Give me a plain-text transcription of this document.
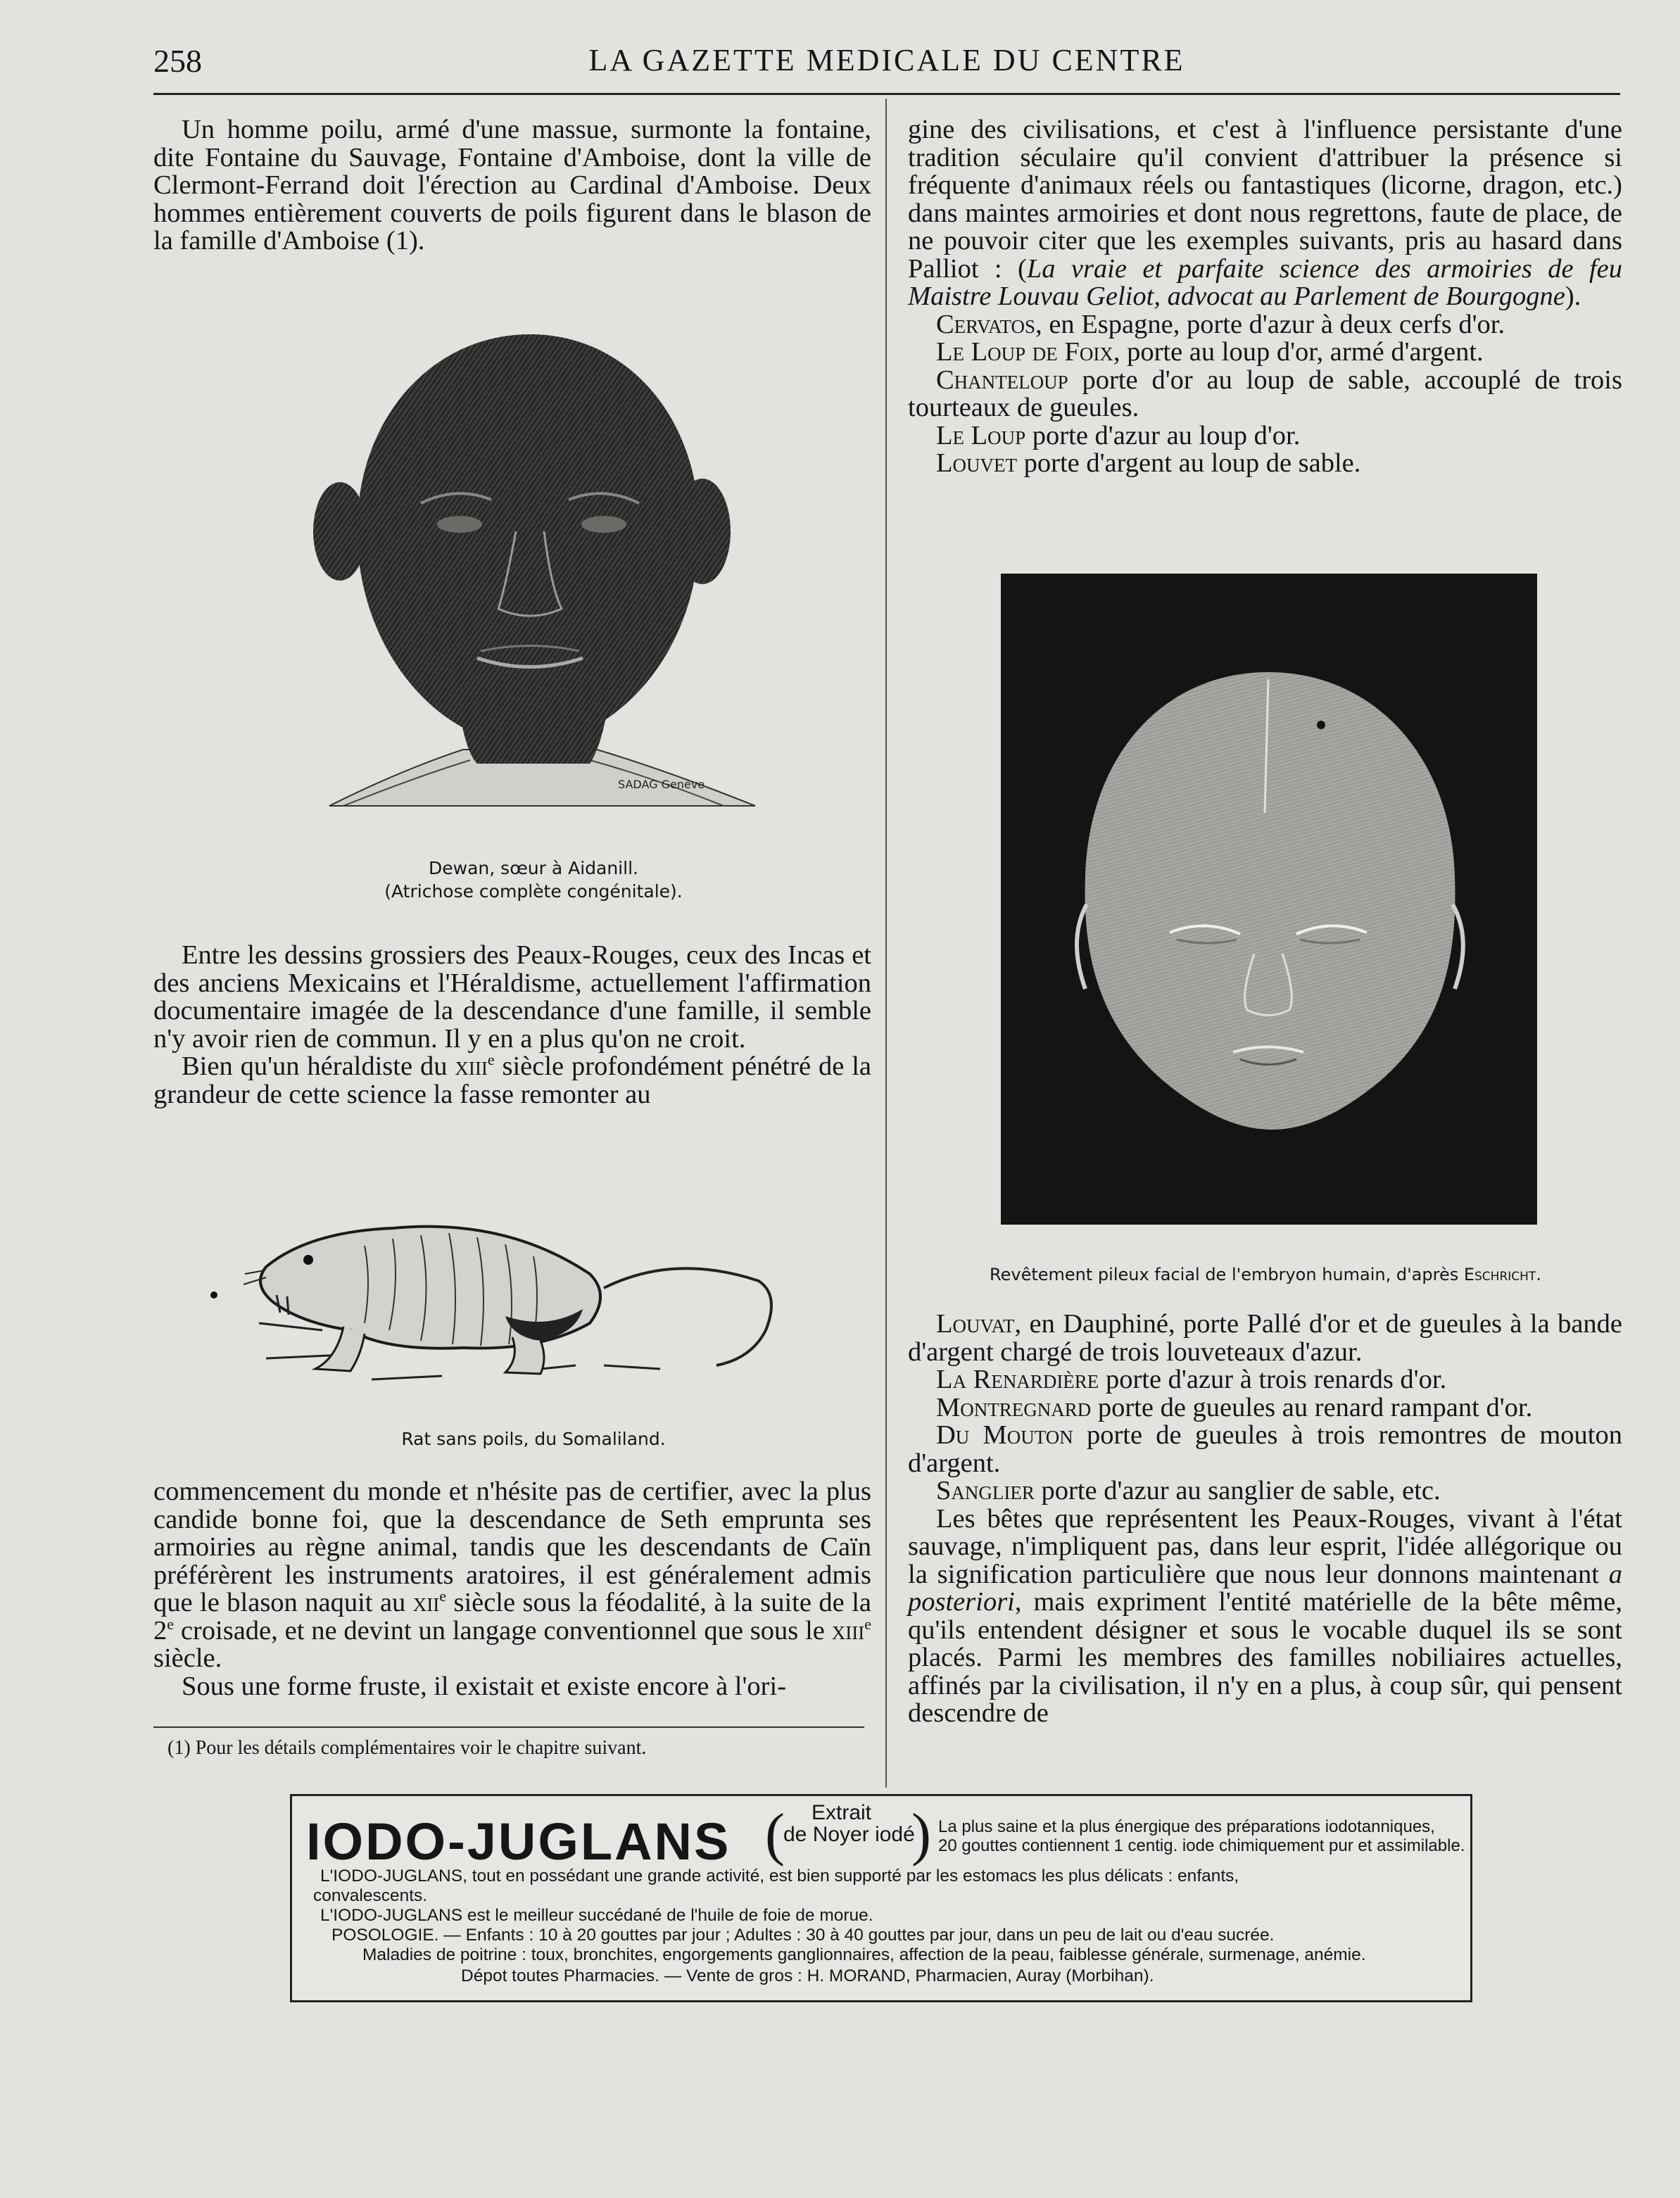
258	LA GAZETTE MEDICALE DU CENTRE

Un homme poilu, armé d'une massue, surmonte la fontaine, dite Fontaine du Sauvage, Fontaine d'Amboise, dont la ville de Clermont-Ferrand doit l'érection au Cardinal d'Amboise. Deux hommes entièrement couverts de poils figurent dans le blason de la famille d'Amboise (1).

SADAG Genève
Dewan, sœur à Aidanill.
(Atrichose complète congénitale).

Entre les dessins grossiers des Peaux-Rouges, ceux des Incas et des anciens Mexicains et l'Héraldisme, actuellement l'affirmation documentaire imagée de la descendance d'une famille, il semble n'y avoir rien de commun. Il y en a plus qu'on ne croit.

Bien qu'un héraldiste du xiii$^e$ siècle profondément pénétré de la grandeur de cette science la fasse remonter au

Rat sans poils, du Somaliland.

commencement du monde et n'hésite pas de certifier, avec la plus candide bonne foi, que la descendance de Seth emprunta ses armoiries au règne animal, tandis que les descendants de Caïn préférèrent les instruments aratoires, il est généralement admis que le blason naquit au xii$^e$ siècle sous la féodalité, à la suite de la 2e croisade, et ne devint un langage conventionnel que sous le xiii$^e$ siècle.

Sous une forme fruste, il existait et existe encore à l'ori-

(1) Pour les détails complémentaires voir le chapitre suivant.

gine des civilisations, et c'est à l'influence persistante d'une tradition séculaire qu'il convient d'attribuer la présence si fréquente d'animaux réels ou fantastiques (licorne, dragon, etc.) dans maintes armoiries et dont nous regrettons, faute de place, de ne pouvoir citer que les exemples suivants, pris au hasard dans Palliot : (La vraie et parfaite science des armoiries de feu Maistre Louvau Geliot, advocat au Parlement de Bourgogne).

Cervatos, en Espagne, porte d'azur à deux cerfs d'or.

Le Loup de Foix, porte au loup d'or, armé d'argent.

Chanteloup porte d'or au loup de sable, accouplé de trois tourteaux de gueules.

Le Loup porte d'azur au loup d'or.

Louvet porte d'argent au loup de sable.

Revêtement pileux facial de l'embryon humain, d'après Eschricht.

Louvat, en Dauphiné, porte Pallé d'or et de gueules à la bande d'argent chargé de trois louveteaux d'azur.

La Renardière porte d'azur à trois renards d'or.

Montregnard porte de gueules au renard rampant d'or.

Du Mouton porte de gueules à trois remontres de mouton d'argent.

Sanglier porte d'azur au sanglier de sable, etc.

Les bêtes que représentent les Peaux-Rouges, vivant à l'état sauvage, n'impliquent pas, dans leur esprit, l'idée allégorique ou la signification particulière que nous leur donnons maintenant a posteriori, mais expriment l'entité matérielle de la bête même, qu'ils entendent désigner et sous le vocable duquel ils se sont placés. Parmi les membres des familles nobiliaires actuelles, affinés par la civilisation, il n'y en a plus, à coup sûr, qui pensent descendre de

IODO-JUGLANS (	Extrait
de Noyer iodé
) La plus saine et la plus énergique des préparations iodotanniques,
20 gouttes contiennent 1 centig. iode chimiquement pur et assimilable.
L'IODO-JUGLANS, tout en possédant une grande activité, est bien supporté par les estomacs les plus délicats : enfants,
convalescents.
L'IODO-JUGLANS est le meilleur succédané de l'huile de foie de morue.
POSOLOGIE. — Enfants : 10 à 20 gouttes par jour ; Adultes : 30 à 40 gouttes par jour, dans un peu de lait ou d'eau sucrée.
Maladies de poitrine : toux, bronchites, engorgements ganglionnaires, affection de la peau, faiblesse générale, surmenage, anémie.
Dépot toutes Pharmacies. — Vente de gros : H. MORAND, Pharmacien, Auray (Morbihan).
